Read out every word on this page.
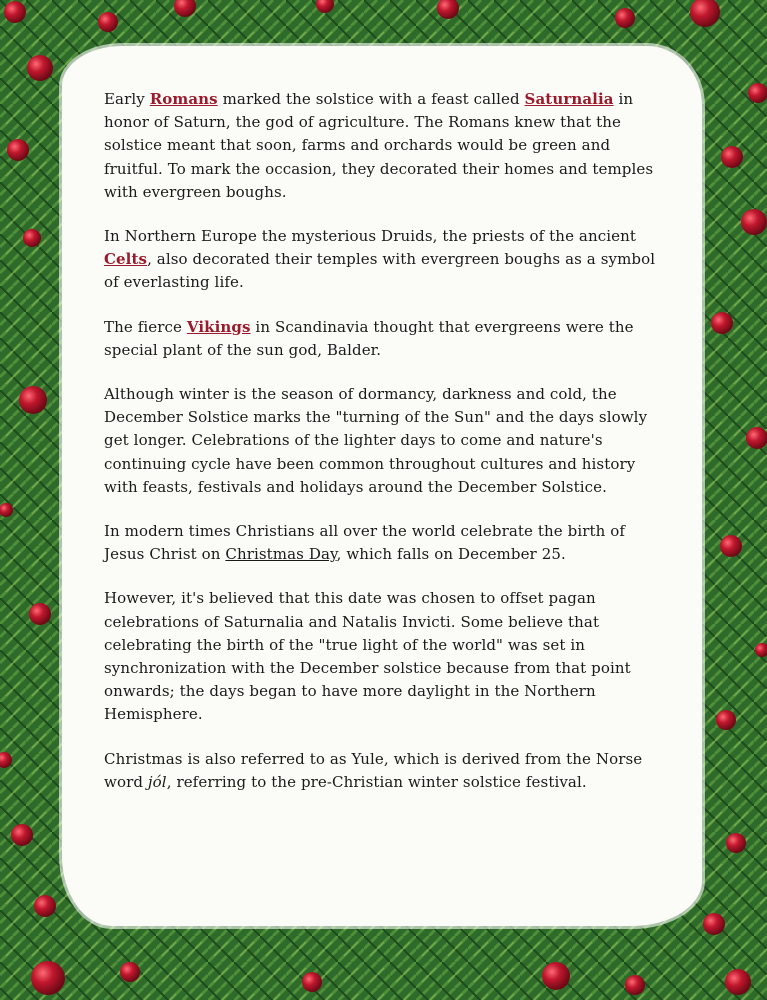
Early Romans marked the solstice with a feast called Saturnalia in honor of Saturn, the god of agriculture. The Romans knew that the solstice meant that soon, farms and orchards would be green and fruitful. To mark the occasion, they decorated their homes and temples with evergreen boughs.

In Northern Europe the mysterious Druids, the priests of the ancient Celts, also decorated their temples with evergreen boughs as a symbol of everlasting life.

The fierce Vikings in Scandinavia thought that evergreens were the special plant of the sun god, Balder.

Although winter is the season of dormancy, darkness and cold, the December Solstice marks the "turning of the Sun" and the days slowly get longer. Celebrations of the lighter days to come and nature's continuing cycle have been common throughout cultures and history with feasts, festivals and holidays around the December Solstice.

In modern times Christians all over the world celebrate the birth of Jesus Christ on Christmas Day, which falls on December 25.

However, it's believed that this date was chosen to offset pagan celebrations of Saturnalia and Natalis Invicti. Some believe that celebrating the birth of the "true light of the world" was set in synchronization with the December solstice because from that point onwards; the days began to have more daylight in the Northern Hemisphere.

Christmas is also referred to as Yule, which is derived from the Norse word jól, referring to the pre-Christian winter solstice festival.
